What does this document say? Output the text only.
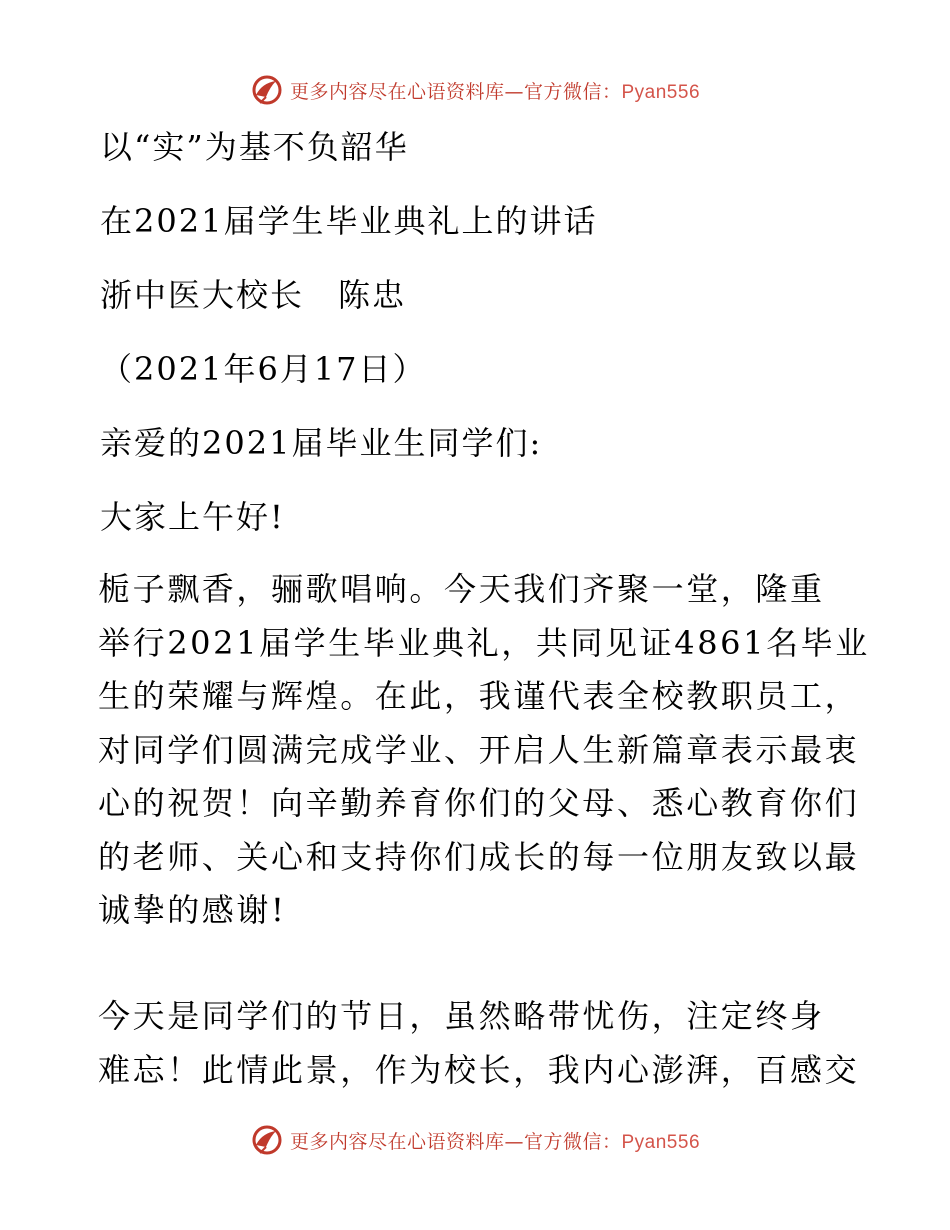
更多内容尽在心语资料库—官方微信：Pyan556
以“实”为基不负韶华
在2021届学生毕业典礼上的讲话
浙中医大校长　陈忠
（2021年6月17日）
亲爱的2021届毕业生同学们:
大家上午好!
栀子飘香，骊歌唱响。今天我们齐聚一堂，隆重
举行2021届学生毕业典礼，共同见证4861名毕业
生的荣耀与辉煌。在此，我谨代表全校教职员工，
对同学们圆满完成学业、开启人生新篇章表示最衷
心的祝贺！向辛勤养育你们的父母、悉心教育你们
的老师、关心和支持你们成长的每一位朋友致以最
诚挚的感谢!
今天是同学们的节日，虽然略带忧伤，注定终身
难忘！此情此景，作为校长，我内心澎湃，百感交
更多内容尽在心语资料库—官方微信：Pyan556
